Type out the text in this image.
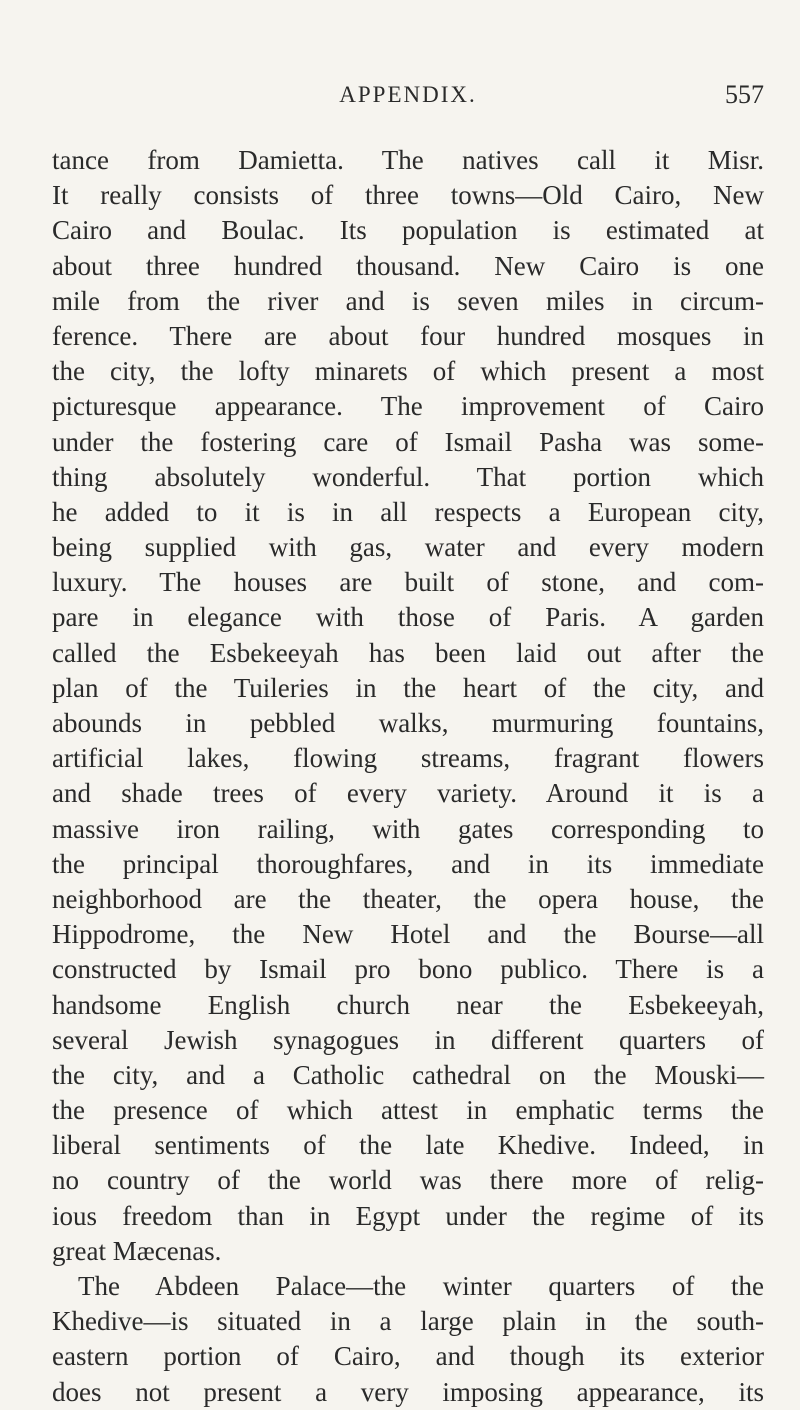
APPENDIX.	557
tance from Damietta. The natives call it Misr.
It really consists of three towns—Old Cairo, New
Cairo and Boulac. Its population is estimated at
about three hundred thousand. New Cairo is one
mile from the river and is seven miles in circum-
ference. There are about four hundred mosques in
the city, the lofty minarets of which present a most
picturesque appearance. The improvement of Cairo
under the fostering care of Ismail Pasha was some-
thing absolutely wonderful. That portion which
he added to it is in all respects a European city,
being supplied with gas, water and every modern
luxury. The houses are built of stone, and com-
pare in elegance with those of Paris. A garden
called the Esbekeeyah has been laid out after the
plan of the Tuileries in the heart of the city, and
abounds in pebbled walks, murmuring fountains,
artificial lakes, flowing streams, fragrant flowers
and shade trees of every variety. Around it is a
massive iron railing, with gates corresponding to
the principal thoroughfares, and in its immediate
neighborhood are the theater, the opera house, the
Hippodrome, the New Hotel and the Bourse—all
constructed by Ismail pro bono publico. There is a
handsome English church near the Esbekeeyah,
several Jewish synagogues in different quarters of
the city, and a Catholic cathedral on the Mouski—
the presence of which attest in emphatic terms the
liberal sentiments of the late Khedive. Indeed, in
no country of the world was there more of relig-
ious freedom than in Egypt under the regime of its
great Mæcenas.
The Abdeen Palace—the winter quarters of the
Khedive—is situated in a large plain in the south-
eastern portion of Cairo, and though its exterior
does not present a very imposing appearance, its
